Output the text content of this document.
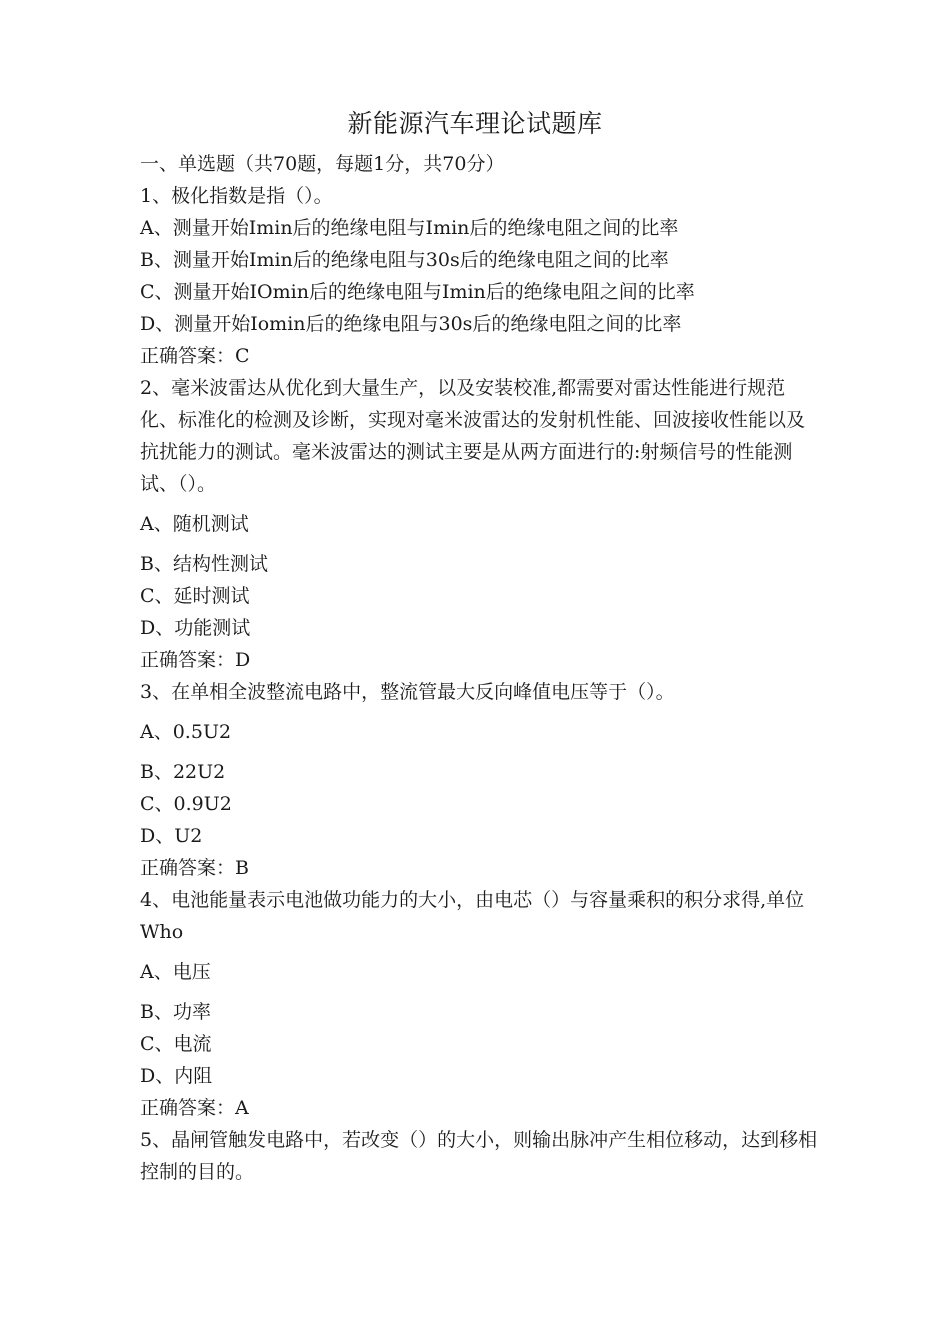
新能源汽车理论试题库

一、单选题（共70题，每题1分，共70分）

1、极化指数是指（）。

A、测量开始Imin后的绝缘电阻与Imin后的绝缘电阻之间的比率

B、测量开始Imin后的绝缘电阻与30s后的绝缘电阻之间的比率

C、测量开始IOmin后的绝缘电阻与Imin后的绝缘电阻之间的比率

D、测量开始Iomin后的绝缘电阻与30s后的绝缘电阻之间的比率

正确答案：C

2、毫米波雷达从优化到大量生产，以及安装校准,都需要对雷达性能进行规范化、标准化的检测及诊断，实现对毫米波雷达的发射机性能、回波接收性能以及抗扰能力的测试。毫米波雷达的测试主要是从两方面进行的:射频信号的性能测试、（）。

A、随机测试

B、结构性测试

C、延时测试

D、功能测试

正确答案：D

3、在单相全波整流电路中，整流管最大反向峰值电压等于（）。

A、0.5U2

B、22U2

C、0.9U2

D、U2

正确答案：B

4、电池能量表示电池做功能力的大小，由电芯（）与容量乘积的积分求得,单位Who

A、电压

B、功率

C、电流

D、内阻

正确答案：A

5、晶闸管触发电路中，若改变（）的大小，则输出脉冲产生相位移动，达到移相控制的目的。
